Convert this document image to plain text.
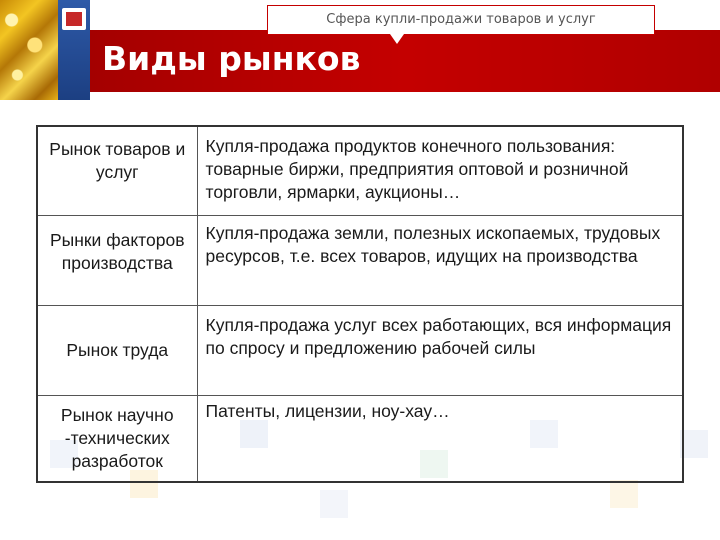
Виды рынков
Сфера купли-продажи товаров и услуг
Рынок товаров и услуг	Купля-продажа продуктов конечного пользования: товарные биржи, предприятия оптовой и розничной торговли, ярмарки, аукционы…
Рынки факторов производства	Купля-продажа земли, полезных ископаемых, трудовых ресурсов, т.е. всех товаров, идущих на производства
Рынок труда	Купля-продажа услуг всех работающих, вся информация по спросу и предложению рабочей силы
Рынок научно -технических разработок	Патенты, лицензии, ноу-хау…
